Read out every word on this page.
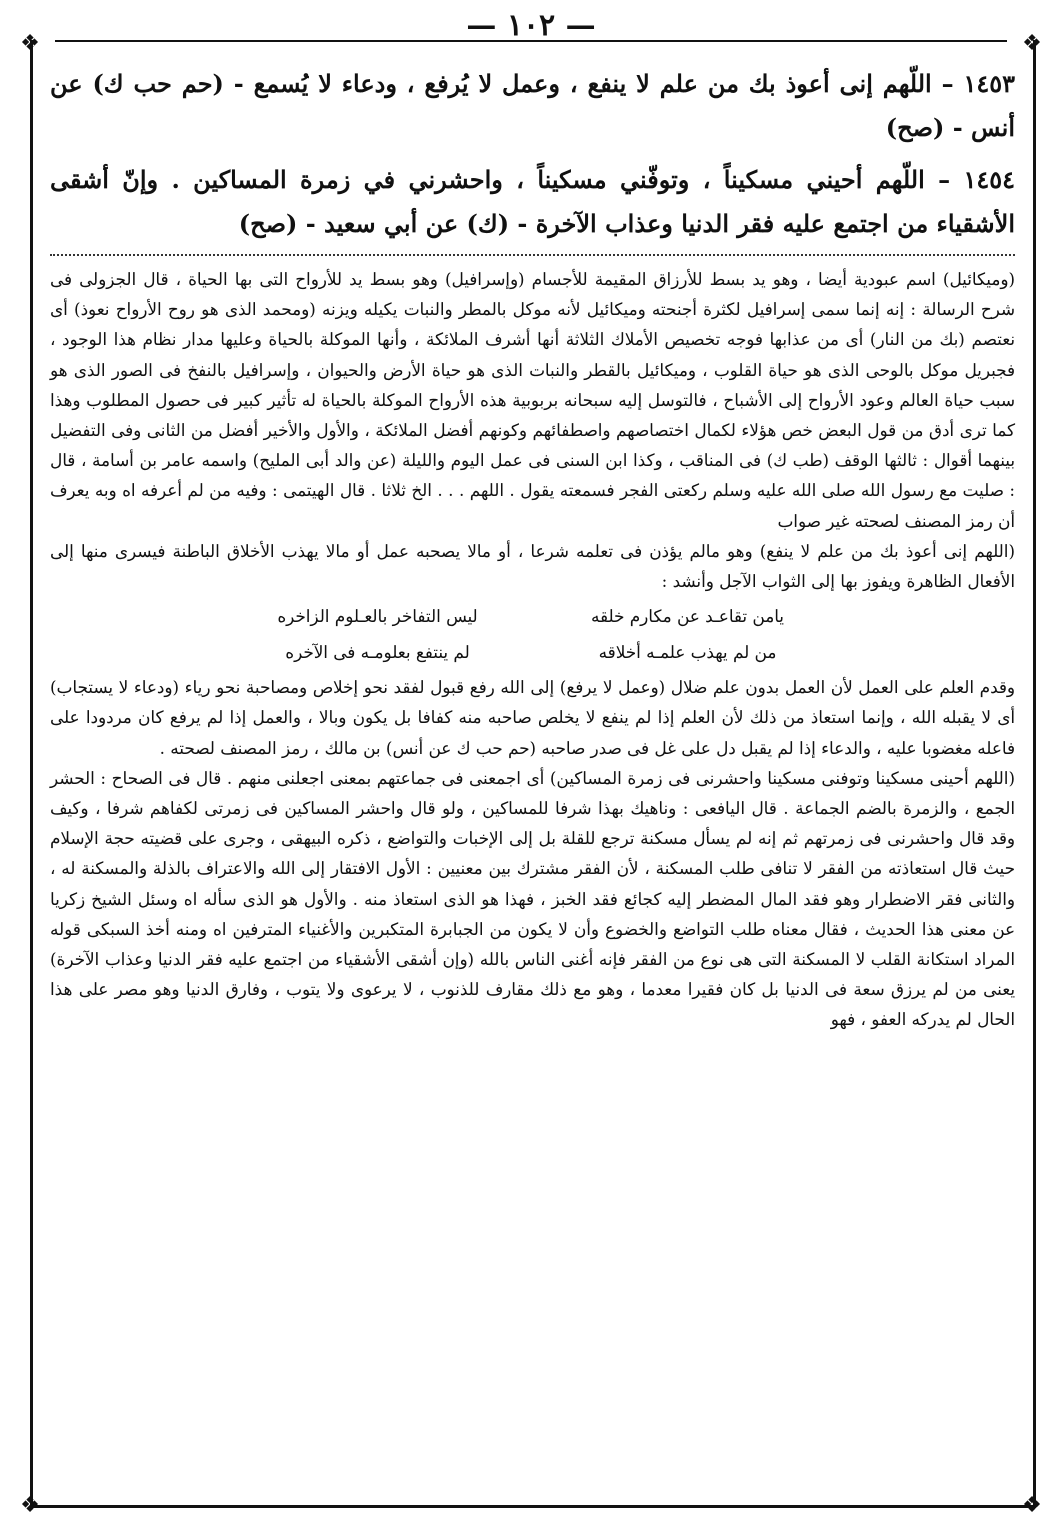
— ١٠٢ —
❖	❖
❖	❖
١٤٥٣ – اللّهم إنى أعوذ بك من علم لا ينفع ، وعمل لا يُرفع ، ودعاء لا يُسمع - (حم حب ك) عن أنس - (صح)
١٤٥٤ – اللّهم أحيني مسكيناً ، وتوفّني مسكيناً ، واحشرني في زمرة المساكين . وإنّ أشقى الأشقياء من اجتمع عليه فقر الدنيا وعذاب الآخرة - (ك) عن أبي سعيد - (صح)

(وميكائيل) اسم عبودية أيضا ، وهو يد بسط للأرزاق المقيمة للأجسام (وإسرافيل) وهو بسط يد للأرواح التى بها الحياة ، قال الجزولى فى شرح الرسالة : إنه إنما سمى إسرافيل لكثرة أجنحته وميكائيل لأنه موكل بالمطر والنبات يكيله ويزنه (ومحمد الذى هو روح الأرواح نعوذ) أى نعتصم (بك من النار) أى من عذابها فوجه تخصيص الأملاك الثلاثة أنها أشرف الملائكة ، وأنها الموكلة بالحياة وعليها مدار نظام هذا الوجود ، فجبريل موكل بالوحى الذى هو حياة القلوب ، وميكائيل بالقطر والنبات الذى هو حياة الأرض والحيوان ، وإسرافيل بالنفخ فى الصور الذى هو سبب حياة العالم وعود الأرواح إلى الأشباح ، فالتوسل إليه سبحانه بربوبية هذه الأرواح الموكلة بالحياة له تأثير كبير فى حصول المطلوب وهذا كما ترى أدق من قول البعض خص هؤلاء لكمال اختصاصهم واصطفائهم وكونهم أفضل الملائكة ، والأول والأخير أفضل من الثانى وفى التفضيل بينهما أقوال : ثالثها الوقف (طب ك) فى المناقب ، وكذا ابن السنى فى عمل اليوم والليلة (عن والد أبى المليح) واسمه عامر بن أسامة ، قال : صليت مع رسول الله صلى الله عليه وسلم ركعتى الفجر فسمعته يقول . اللهم . . . الخ ثلاثا . قال الهيتمى : وفيه من لم أعرفه اه وبه يعرف أن رمز المصنف لصحته غير صواب

(اللهم إنى أعوذ بك من علم لا ينفع) وهو مالم يؤذن فى تعلمه شرعا ، أو مالا يصحبه عمل أو مالا يهذب الأخلاق الباطنة فيسرى منها إلى الأفعال الظاهرة ويفوز بها إلى الثواب الآجل وأنشد :

يامن تقاعـد عن مكارم خلقه
ليس التفاخر بالعـلوم الزاخره
من لم يهذب علمـه أخلاقه
لم ينتفع بعلومـه فى الآخره

وقدم العلم على العمل لأن العمل بدون علم ضلال (وعمل لا يرفع) إلى الله رفع قبول لفقد نحو إخلاص ومصاحبة نحو رياء (ودعاء لا يستجاب) أى لا يقبله الله ، وإنما استعاذ من ذلك لأن العلم إذا لم ينفع لا يخلص صاحبه منه كفافا بل يكون وبالا ، والعمل إذا لم يرفع كان مردودا على فاعله مغضوبا عليه ، والدعاء إذا لم يقبل دل على غل فى صدر صاحبه (حم حب ك عن أنس) بن مالك ، رمز المصنف لصحته .

(اللهم أحينى مسكينا وتوفنى مسكينا واحشرنى فى زمرة المساكين) أى اجمعنى فى جماعتهم بمعنى اجعلنى منهم . قال فى الصحاح : الحشر الجمع ، والزمرة بالضم الجماعة . قال اليافعى : وناهيك بهذا شرفا للمساكين ، ولو قال واحشر المساكين فى زمرتى لكفاهم شرفا ، وكيف وقد قال واحشرنى فى زمرتهم ثم إنه لم يسأل مسكنة ترجع للقلة بل إلى الإخبات والتواضع ، ذكره البيهقى ، وجرى على قضيته حجة الإسلام حيث قال استعاذته من الفقر لا تنافى طلب المسكنة ، لأن الفقر مشترك بين معنيين : الأول الافتقار إلى الله والاعتراف بالذلة والمسكنة له ، والثانى فقر الاضطرار وهو فقد المال المضطر إليه كجائع فقد الخبز ، فهذا هو الذى استعاذ منه . والأول هو الذى سأله اه وسئل الشيخ زكريا عن معنى هذا الحديث ، فقال معناه طلب التواضع والخضوع وأن لا يكون من الجبابرة المتكبرين والأغنياء المترفين اه ومنه أخذ السبكى قوله المراد استكانة القلب لا المسكنة التى هى نوع من الفقر فإنه أغنى الناس بالله (وإن أشقى الأشقياء من اجتمع عليه فقر الدنيا وعذاب الآخرة) يعنى من لم يرزق سعة فى الدنيا بل كان فقيرا معدما ، وهو مع ذلك مقارف للذنوب ، لا يرعوى ولا يتوب ، وفارق الدنيا وهو مصر على هذا الحال لم يدركه العفو ، فهو
